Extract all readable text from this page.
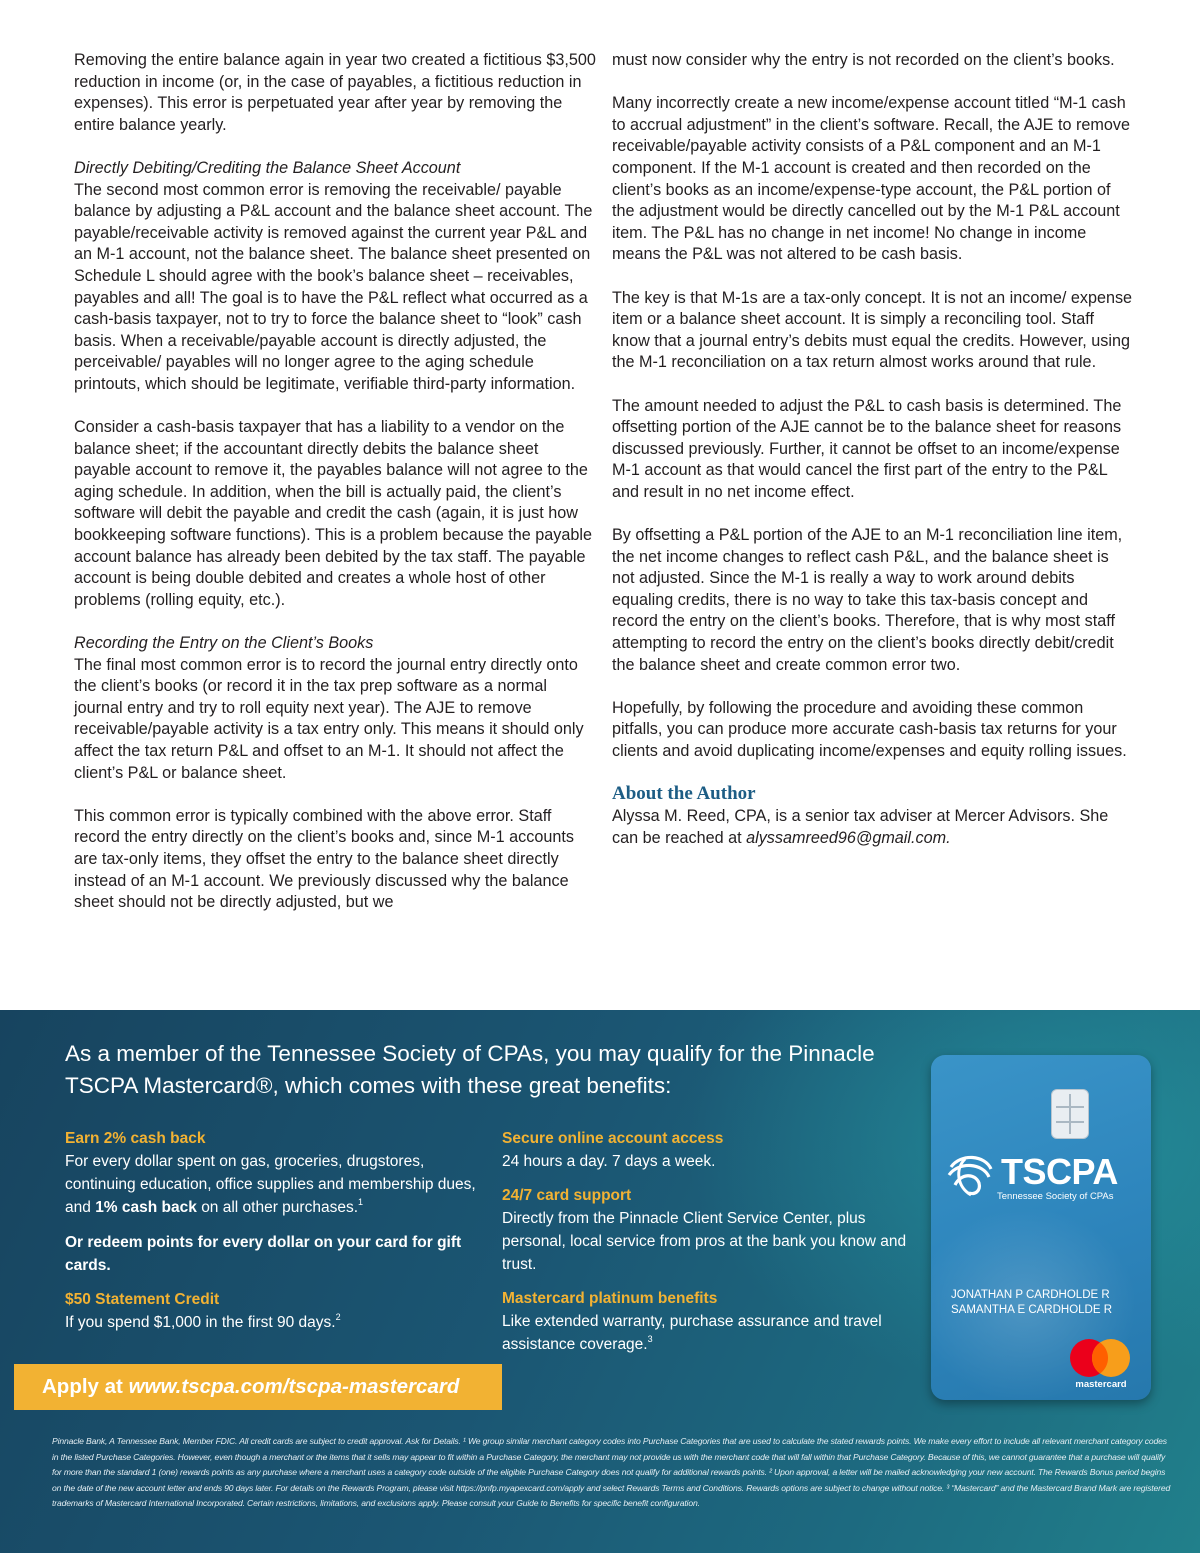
Removing the entire balance again in year two created a fictitious $3,500 reduction in income (or, in the case of payables, a fictitious reduction in expenses). This error is perpetuated year after year by removing the entire balance yearly.

Directly Debiting/Crediting the Balance Sheet Account

The second most common error is removing the receivable/ payable balance by adjusting a P&L account and the balance sheet account. The payable/receivable activity is removed against the current year P&L and an M-1 account, not the balance sheet. The balance sheet presented on Schedule L should agree with the book’s balance sheet – receivables, payables and all! The goal is to have the P&L reflect what occurred as a cash-basis taxpayer, not to try to force the balance sheet to “look” cash basis. When a receivable/payable account is directly adjusted, the perceivable/ payables will no longer agree to the aging schedule printouts, which should be legitimate, verifiable third-party information.

Consider a cash-basis taxpayer that has a liability to a vendor on the balance sheet; if the accountant directly debits the balance sheet payable account to remove it, the payables balance will not agree to the aging schedule. In addition, when the bill is actually paid, the client’s software will debit the payable and credit the cash (again, it is just how bookkeeping software functions). This is a problem because the payable account balance has already been debited by the tax staff. The payable account is being double debited and creates a whole host of other problems (rolling equity, etc.).

Recording the Entry on the Client’s Books

The final most common error is to record the journal entry directly onto the client’s books (or record it in the tax prep software as a normal journal entry and try to roll equity next year). The AJE to remove receivable/payable activity is a tax entry only. This means it should only affect the tax return P&L and offset to an M-1. It should not affect the client’s P&L or balance sheet.

This common error is typically combined with the above error. Staff record the entry directly on the client’s books and, since M-1 accounts are tax-only items, they offset the entry to the balance sheet directly instead of an M-1 account. We previously discussed why the balance sheet should not be directly adjusted, but we

must now consider why the entry is not recorded on the client’s books.

Many incorrectly create a new income/expense account titled “M-1 cash to accrual adjustment” in the client’s software. Recall, the AJE to remove receivable/payable activity consists of a P&L component and an M-1 component. If the M-1 account is created and then recorded on the client’s books as an income/expense-type account, the P&L portion of the adjustment would be directly cancelled out by the M-1 P&L account item. The P&L has no change in net income! No change in income means the P&L was not altered to be cash basis.

The key is that M-1s are a tax-only concept. It is not an income/ expense item or a balance sheet account. It is simply a reconciling tool. Staff know that a journal entry’s debits must equal the credits. However, using the M-1 reconciliation on a tax return almost works around that rule.

The amount needed to adjust the P&L to cash basis is determined. The offsetting portion of the AJE cannot be to the balance sheet for reasons discussed previously. Further, it cannot be offset to an income/expense M-1 account as that would cancel the first part of the entry to the P&L and result in no net income effect.

By offsetting a P&L portion of the AJE to an M-1 reconciliation line item, the net income changes to reflect cash P&L, and the balance sheet is not adjusted. Since the M-1 is really a way to work around debits equaling credits, there is no way to take this tax-basis concept and record the entry on the client’s books. Therefore, that is why most staff attempting to record the entry on the client’s books directly debit/credit the balance sheet and create common error two.

Hopefully, by following the procedure and avoiding these common pitfalls, you can produce more accurate cash-basis tax returns for your clients and avoid duplicating income/expenses and equity rolling issues.

About the Author

Alyssa M. Reed, CPA, is a senior tax adviser at Mercer Advisors. She can be reached at alyssamreed96@gmail.com.

As a member of the Tennessee Society of CPAs, you may qualify for the Pinnacle TSCPA Mastercard®, which comes with these great benefits:
Earn 2% cash back

For every dollar spent on gas, groceries, drugstores, continuing education, office supplies and membership dues, and 1% cash back on all other purchases.$^1$

Or redeem points for every dollar on your card for gift cards.

$50 Statement Credit

If you spend $1,000 in the first 90 days.$^2$

Secure online account access

24 hours a day. 7 days a week.

24/7 card support

Directly from the Pinnacle Client Service Center, plus personal, local service from pros at the bank you know and trust.

Mastercard platinum benefits

Like extended warranty, purchase assurance and travel assistance coverage.$^3$

Apply at www.tscpa.com/tscpa-mastercard
TSCPA
Tennessee Society of CPAs
JONATHAN P CARDHOLDE R
SAMANTHA E CARDHOLDE R
mastercard
Pinnacle Bank, A Tennessee Bank, Member FDIC. All credit cards are subject to credit approval. Ask for Details. ¹ We group similar merchant category codes into Purchase Categories that are used to calculate the stated rewards points. We make every effort to include all relevant merchant category codes in the listed Purchase Categories. However, even though a merchant or the items that it sells may appear to fit within a Purchase Category, the merchant may not provide us with the merchant code that will fall within that Purchase Category. Because of this, we cannot guarantee that a purchase will qualify for more than the standard 1 (one) rewards points as any purchase where a merchant uses a category code outside of the eligible Purchase Category does not qualify for additional rewards points. ² Upon approval, a letter will be mailed acknowledging your new account. The Rewards Bonus period begins on the date of the new account letter and ends 90 days later. For details on the Rewards Program, please visit https://pnfp.myapexcard.com/apply and select Rewards Terms and Conditions. Rewards options are subject to change without notice. ³ “Mastercard” and the Mastercard Brand Mark are registered trademarks of Mastercard International Incorporated. Certain restrictions, limitations, and exclusions apply. Please consult your Guide to Benefits for specific benefit configuration.
